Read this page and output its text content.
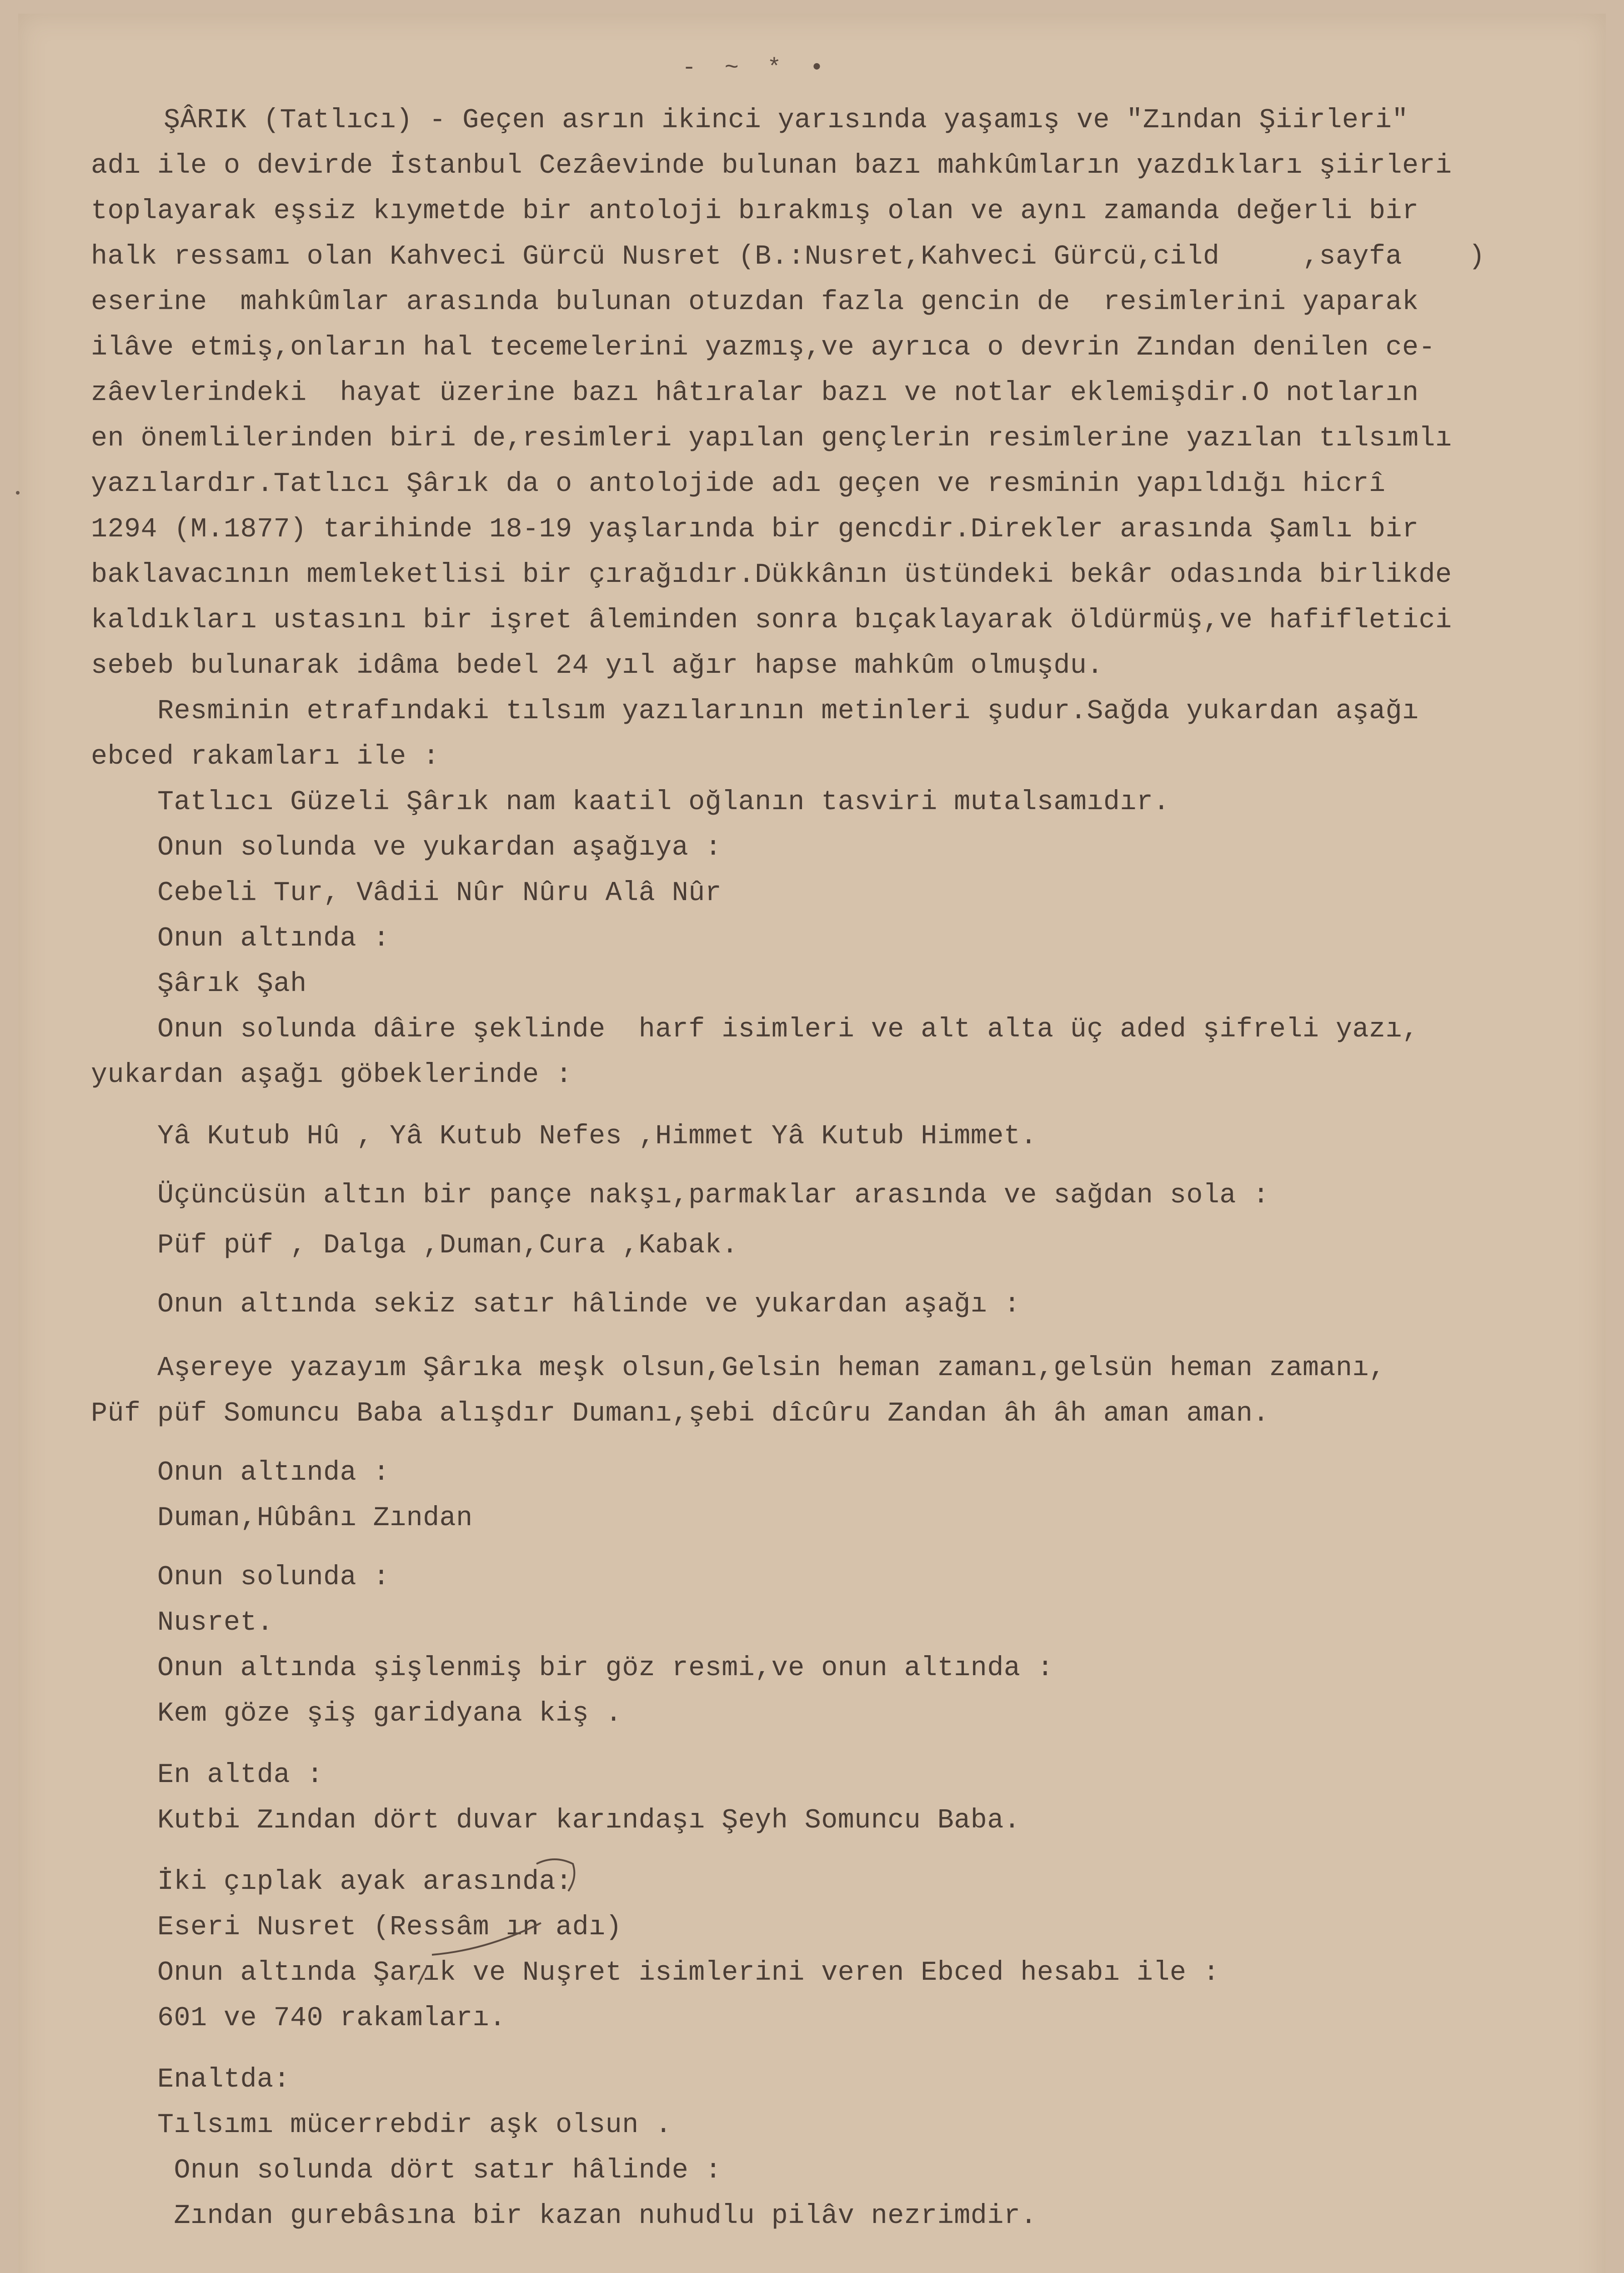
-  ~  *  •
ŞÂRIK (Tatlıcı) - Geçen asrın ikinci yarısında yaşamış ve "Zından Şiirleri"
adı ile o devirde İstanbul Cezâevinde bulunan bazı mahkûmların yazdıkları şiirleri
toplayarak eşsiz kıymetde bir antoloji bırakmış olan ve aynı zamanda değerli bir
halk ressamı olan Kahveci Gürcü Nusret (B.:Nusret,Kahveci Gürcü,cild     ,sayfa    )
eserine  mahkûmlar arasında bulunan otuzdan fazla gencin de  resimlerini yaparak
ilâve etmiş,onların hal tecemelerini yazmış,ve ayrıca o devrin Zından denilen ce-
zâevlerindeki  hayat üzerine bazı hâtıralar bazı ve notlar eklemişdir.O notların
en önemlilerinden biri de,resimleri yapılan gençlerin resimlerine yazılan tılsımlı
yazılardır.Tatlıcı Şârık da o antolojide adı geçen ve resminin yapıldığı hicrî
1294 (M.1877) tarihinde 18-19 yaşlarında bir gencdir.Direkler arasında Şamlı bir
baklavacının memleketlisi bir çırağıdır.Dükkânın üstündeki bekâr odasında birlikde
kaldıkları ustasını bir işret âleminden sonra bıçaklayarak öldürmüş,ve hafifletici
sebeb bulunarak idâma bedel 24 yıl ağır hapse mahkûm olmuşdu.
Resminin etrafındaki tılsım yazılarının metinleri şudur.Sağda yukardan aşağı
ebced rakamları ile :
Tatlıcı Güzeli Şârık nam kaatil oğlanın tasviri mutalsamıdır.
Onun solunda ve yukardan aşağıya :
Cebeli Tur, Vâdii Nûr Nûru Alâ Nûr
Onun altında :
Şârık Şah
Onun solunda dâire şeklinde  harf isimleri ve alt alta üç aded şifreli yazı,
yukardan aşağı göbeklerinde :
Yâ Kutub Hû , Yâ Kutub Nefes ,Himmet Yâ Kutub Himmet.
Üçüncüsün altın bir pançe nakşı,parmaklar arasında ve sağdan sola :
Püf püf , Dalga ,Duman,Cura ,Kabak.
Onun altında sekiz satır hâlinde ve yukardan aşağı :
Aşereye yazayım Şârıka meşk olsun,Gelsin heman zamanı,gelsün heman zamanı,
Püf püf Somuncu Baba alışdır Dumanı,şebi dîcûru Zandan âh âh aman aman.
Onun altında :
Duman,Hûbânı Zından
Onun solunda :
Nusret.
Onun altında şişlenmiş bir göz resmi,ve onun altında :
Kem göze şiş garidyana kiş .
En altda :
Kutbi Zından dört duvar karındaşı Şeyh Somuncu Baba.
İki çıplak ayak arasında:
Eseri Nusret (Ressâm ın adı)
Onun altında Şarık ve Nuşret isimlerini veren Ebced hesabı ile :
601 ve 740 rakamları.
Enaltda:
Tılsımı mücerrebdir aşk olsun .
Onun solunda dört satır hâlinde :
Zından gurebâsına bir kazan nuhudlu pilâv nezrimdir.
